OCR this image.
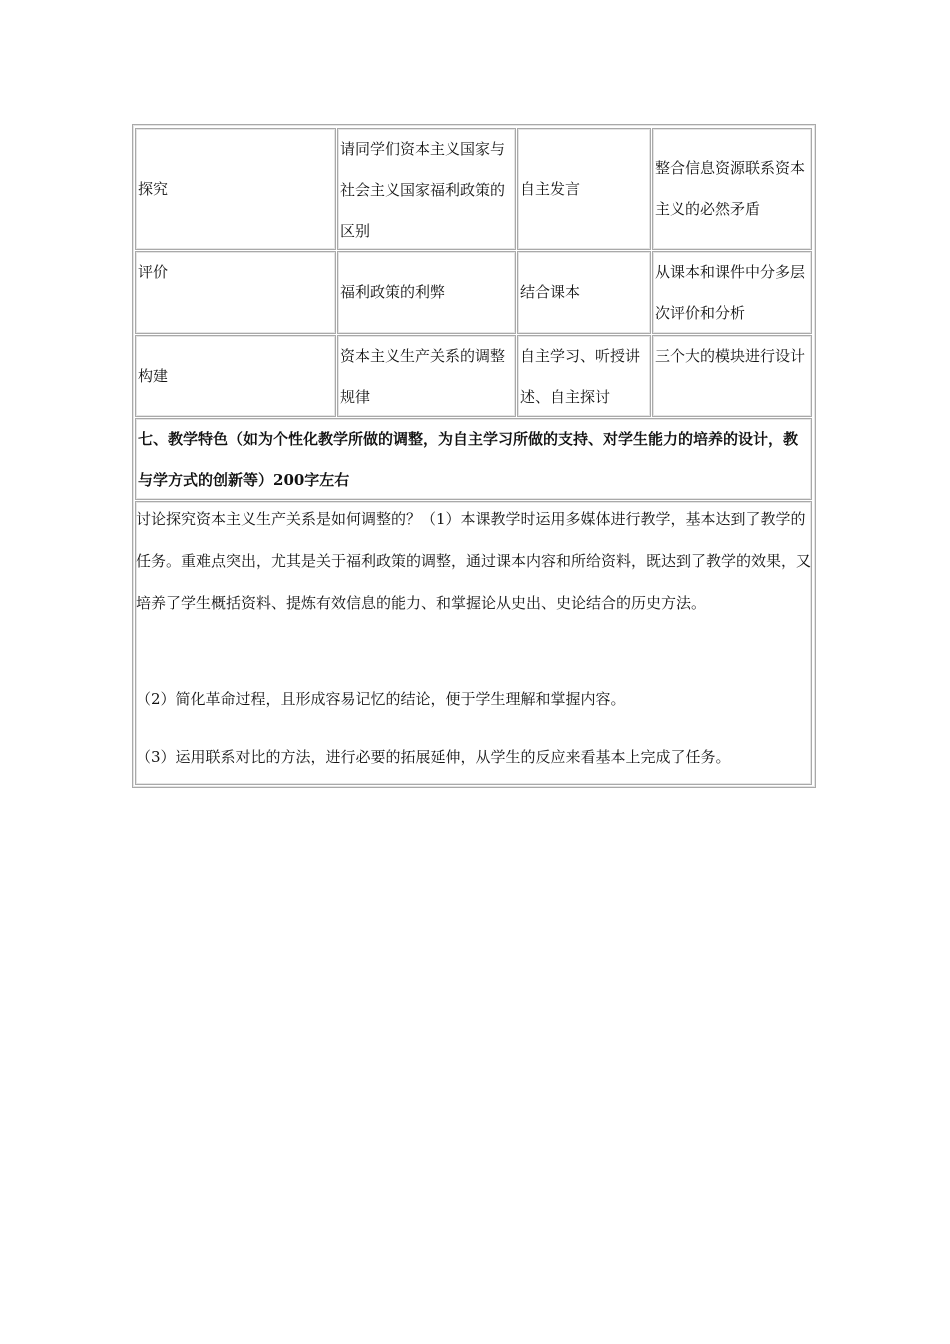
探究
请同学们资本主义国家与社会主义国家福利政策的区别
自主发言
整合信息资源联系资本主义的必然矛盾
评价
福利政策的利弊	结合课本
从课本和课件中分多层次评价和分析
构建
资本主义生产关系的调整规律
自主学习、听授讲述、自主探讨
三个大的模块进行设计
七、教学特色（如为个性化教学所做的调整，为自主学习所做的支持、对学生能力的培养的设计，教与学方式的创新等）200字左右
讨论探究资本主义生产关系是如何调整的？（1）本课教学时运用多媒体进行教学，基本达到了教学的任务。重难点突出，尤其是关于福利政策的调整，通过课本内容和所给资料，既达到了教学的效果，又培养了学生概括资料、提炼有效信息的能力、和掌握论从史出、史论结合的历史方法。
（2）简化革命过程，且形成容易记忆的结论，便于学生理解和掌握内容。
（3）运用联系对比的方法，进行必要的拓展延伸，从学生的反应来看基本上完成了任务。
